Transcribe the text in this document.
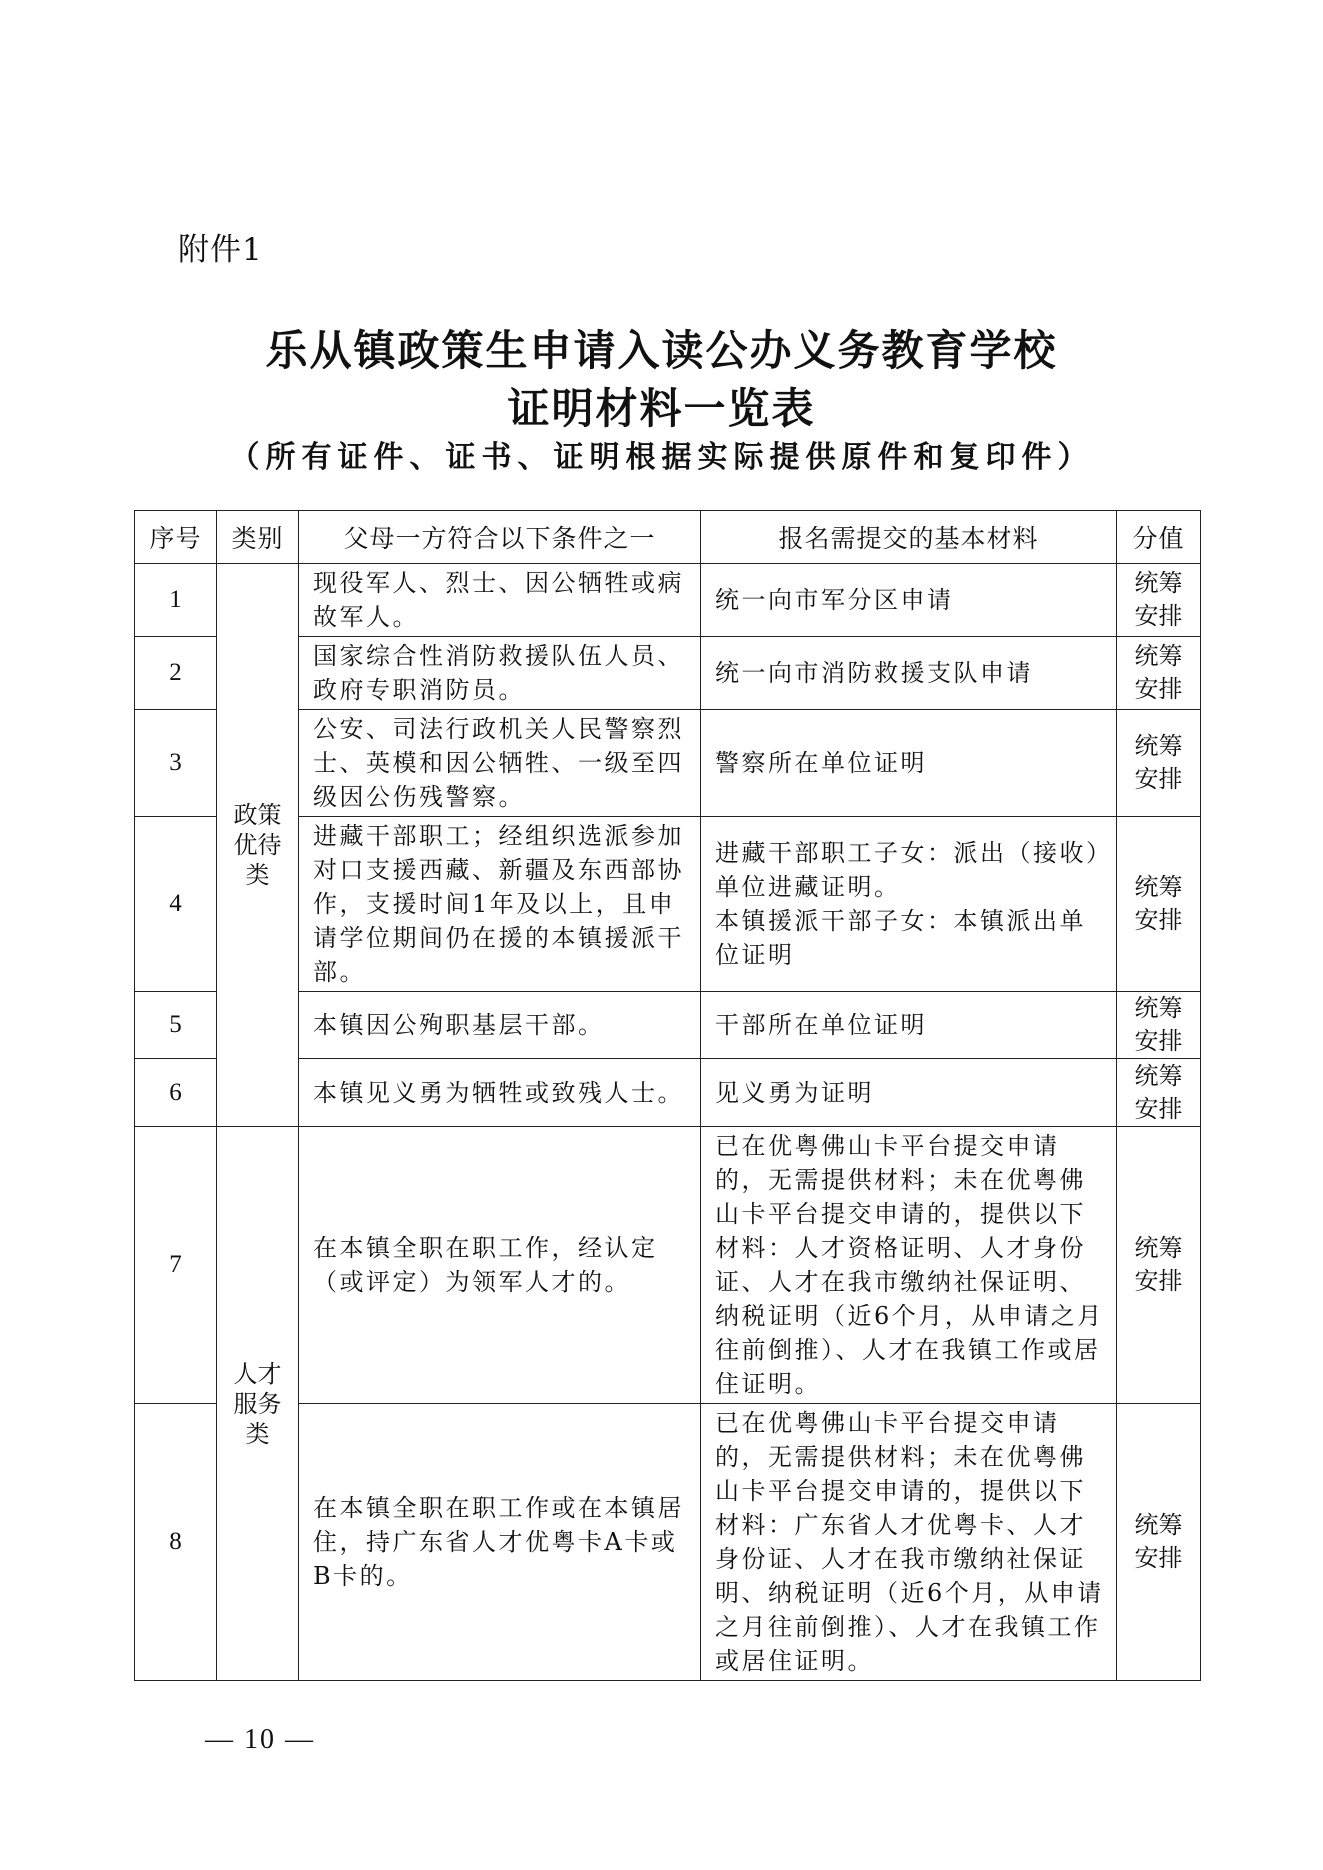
附件1
乐从镇政策生申请入读公办义务教育学校
证明材料一览表
（所有证件、证书、证明根据实际提供原件和复印件）
序号	类别	父母一方符合以下条件之一	报名需提交的基本材料	分值
1	政策优待类	现役军人、烈士、因公牺牲或病故军人。	统一向市军分区申请	统筹安排

2		国家综合性消防救援队伍人员、政府专职消防员。	统一向市消防救援支队申请	统筹安排

3		公安、司法行政机关人民警察烈士、英模和因公牺牲、一级至四级因公伤残警察。	警察所在单位证明	统筹安排

4		进藏干部职工；经组织选派参加对口支援西藏、新疆及东西部协作，支援时间1年及以上，且申请学位期间仍在援的本镇援派干部。	进藏干部职工子女：派出（接收）单位进藏证明。
本镇援派干部子女：本镇派出单位证明	统筹安排

5		本镇因公殉职基层干部。	干部所在单位证明	统筹安排

6		本镇见义勇为牺牲或致残人士。	见义勇为证明	统筹安排

7	人才服务类	在本镇全职在职工作，经认定（或评定）为领军人才的。	已在优粤佛山卡平台提交申请的，无需提供材料；未在优粤佛山卡平台提交申请的，提供以下材料：人才资格证明、人才身份证、人才在我市缴纳社保证明、纳税证明（近6个月，从申请之月往前倒推）、人才在我镇工作或居住证明。	统筹安排

8		在本镇全职在职工作或在本镇居住，持广东省人才优粤卡A卡或B卡的。	已在优粤佛山卡平台提交申请的，无需提供材料；未在优粤佛山卡平台提交申请的，提供以下材料：广东省人才优粤卡、人才身份证、人才在我市缴纳社保证明、纳税证明（近6个月，从申请之月往前倒推）、人才在我镇工作或居住证明。	统筹安排
— 10 —
